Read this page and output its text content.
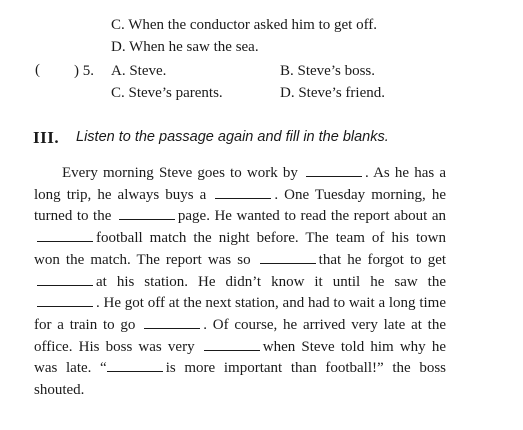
C. When the conductor asked him to get off.
D. When he saw the sea.
( ) 5. A. Steve.	B. Steve’s boss.
C. Steve’s parents.	D. Steve’s friend.
III. Listen to the passage again and fill in the blanks.
Every morning Steve goes to work by	. As he has a long trip, he always buys a	. One Tuesday morning, he turned to the	page. He wanted to read the report about an football match the night before. The team of his town won the match. The report was so	that he forgot to get at his station. He didn’t know it until he saw the . He got off at the next station, and had to wait a long time for a train to go	. Of course, he arrived very late at the office. His boss was very	when Steve told him why he was late. “	is more important than football!” the boss shouted.
